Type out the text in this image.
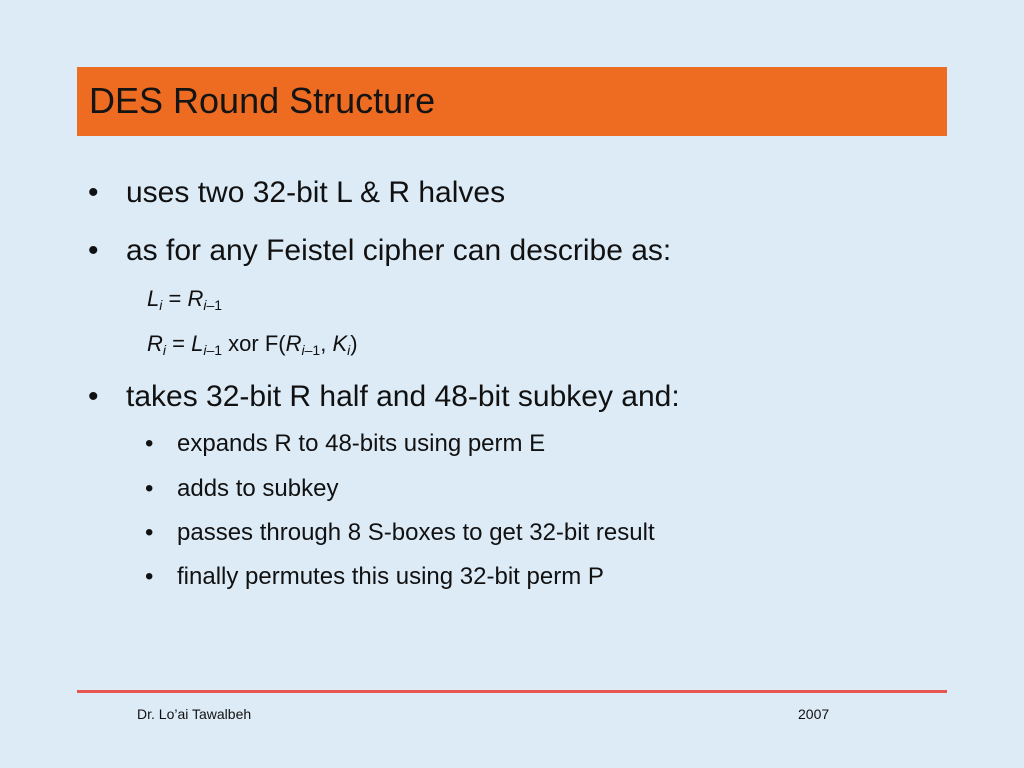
DES Round Structure
• uses two 32-bit L & R halves
• as for any Feistel cipher can describe as:
$L_i = R_{i-1}$
$R_i = L_{i-1}$ xor $F(R_{i-1}$, $K_i$)
• takes 32-bit R half and 48-bit subkey and:
• expands R to 48-bits using perm E
• adds to subkey
• passes through 8 S-boxes to get 32-bit result
• finally permutes this using 32-bit perm P
Dr. Lo’ai Tawalbeh	2007
